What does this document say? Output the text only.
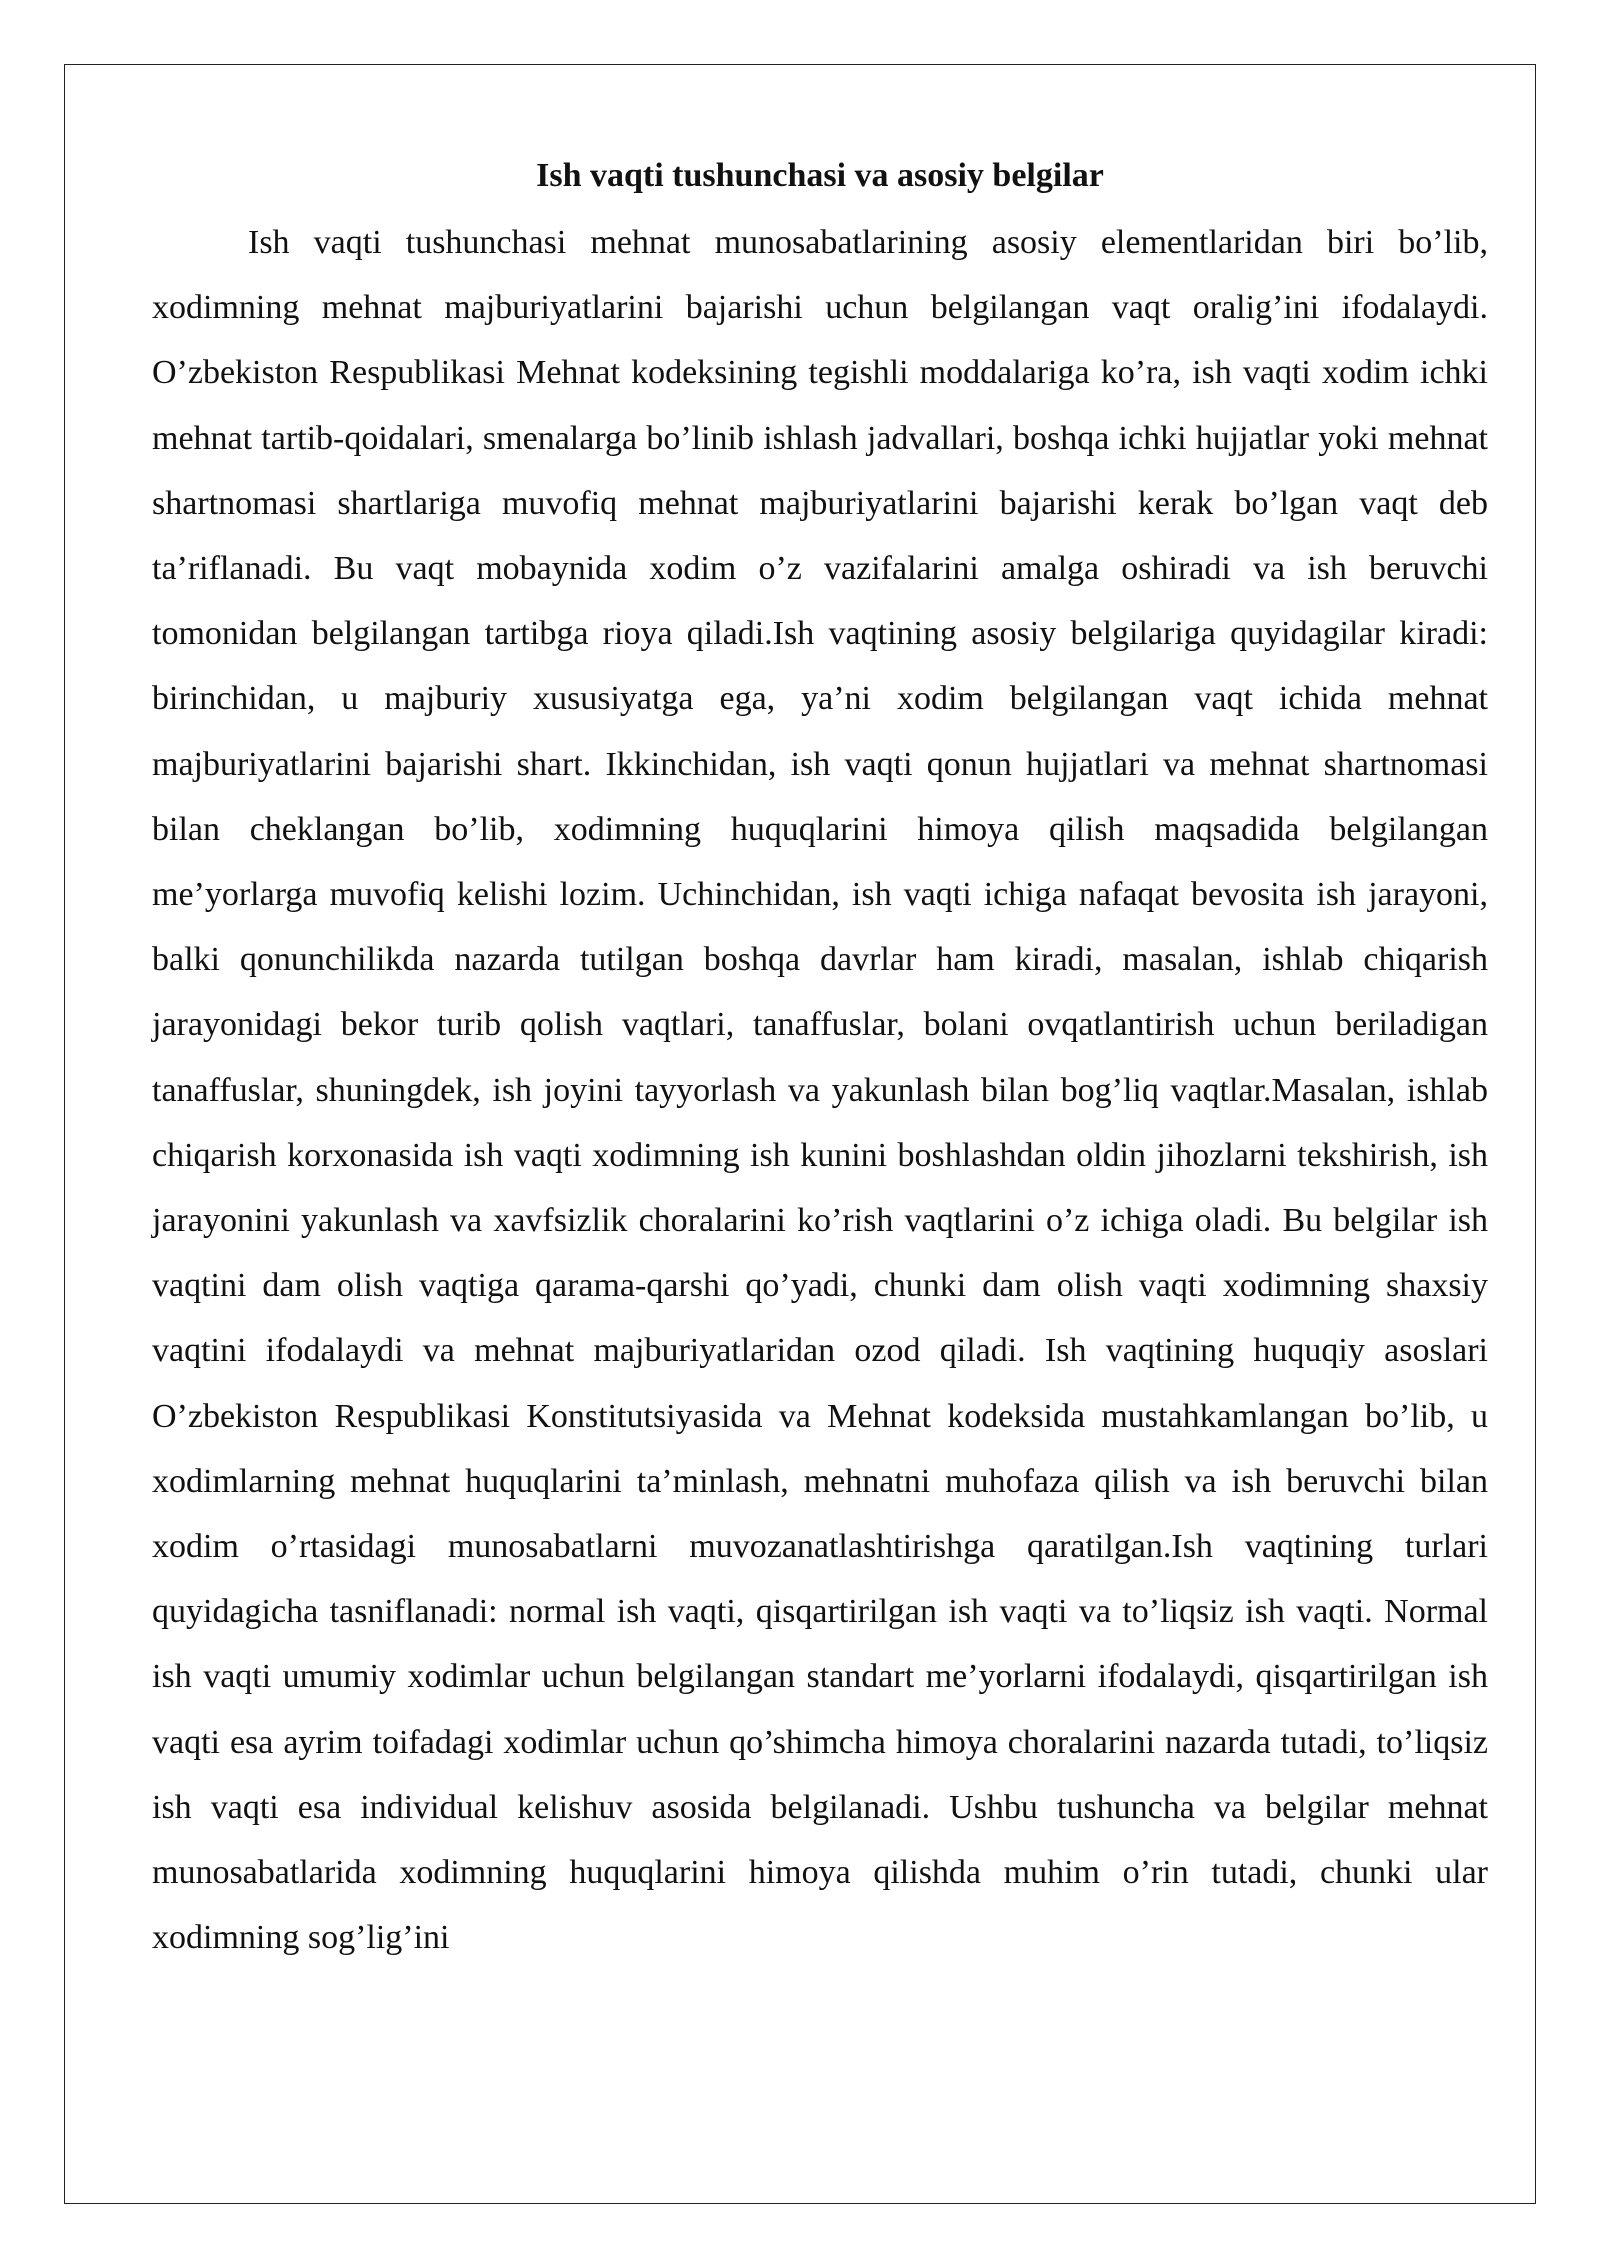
Ish vaqti tushunchasi va asosiy belgilar

Ish vaqti tushunchasi mehnat munosabatlarining asosiy elementlaridan biri bo’lib, xodimning mehnat majburiyatlarini bajarishi uchun belgilangan vaqt oralig’ini ifodalaydi. O’zbekiston Respublikasi Mehnat kodeksining tegishli moddalariga ko’ra, ish vaqti xodim ichki mehnat tartib-qoidalari, smenalarga bo’linib ishlash jadvallari, boshqa ichki hujjatlar yoki mehnat shartnomasi shartlariga muvofiq mehnat majburiyatlarini bajarishi kerak bo’lgan vaqt deb ta’riflanadi. Bu vaqt mobaynida xodim o’z vazifalarini amalga oshiradi va ish beruvchi tomonidan belgilangan tartibga rioya qiladi.Ish vaqtining asosiy belgilariga quyidagilar kiradi: birinchidan, u majburiy xususiyatga ega, ya’ni xodim belgilangan vaqt ichida mehnat majburiyatlarini bajarishi shart. Ikkinchidan, ish vaqti qonun hujjatlari va mehnat shartnomasi bilan cheklangan bo’lib, xodimning huquqlarini himoya qilish maqsadida belgilangan me’yorlarga muvofiq kelishi lozim. Uchinchidan, ish vaqti ichiga nafaqat bevosita ish jarayoni, balki qonunchilikda nazarda tutilgan boshqa davrlar ham kiradi, masalan, ishlab chiqarish jarayonidagi bekor turib qolish vaqtlari, tanaffuslar, bolani ovqatlantirish uchun beriladigan tanaffuslar, shuningdek, ish joyini tayyorlash va yakunlash bilan bog’liq vaqtlar.Masalan, ishlab chiqarish korxonasida ish vaqti xodimning ish kunini boshlashdan oldin jihozlarni tekshirish, ish jarayonini yakunlash va xavfsizlik choralarini ko’rish vaqtlarini o’z ichiga oladi. Bu belgilar ish vaqtini dam olish vaqtiga qarama-qarshi qo’yadi, chunki dam olish vaqti xodimning shaxsiy vaqtini ifodalaydi va mehnat majburiyatlaridan ozod qiladi. Ish vaqtining huquqiy asoslari O’zbekiston Respublikasi Konstitutsiyasida va Mehnat kodeksida mustahkamlangan bo’lib, u xodimlarning mehnat huquqlarini ta’minlash, mehnatni muhofaza qilish va ish beruvchi bilan xodim o’rtasidagi munosabatlarni muvozanatlashtirishga qaratilgan.Ish vaqtining turlari quyidagicha tasniflanadi: normal ish vaqti, qisqartirilgan ish vaqti va to’liqsiz ish vaqti. Normal ish vaqti umumiy xodimlar uchun belgilangan standart me’yorlarni ifodalaydi, qisqartirilgan ish vaqti esa ayrim toifadagi xodimlar uchun qo’shimcha himoya choralarini nazarda tutadi, to’liqsiz ish vaqti esa individual kelishuv asosida belgilanadi. Ushbu tushuncha va belgilar mehnat munosabatlarida xodimning huquqlarini himoya qilishda muhim o’rin tutadi, chunki ular xodimning sog’lig’ini
